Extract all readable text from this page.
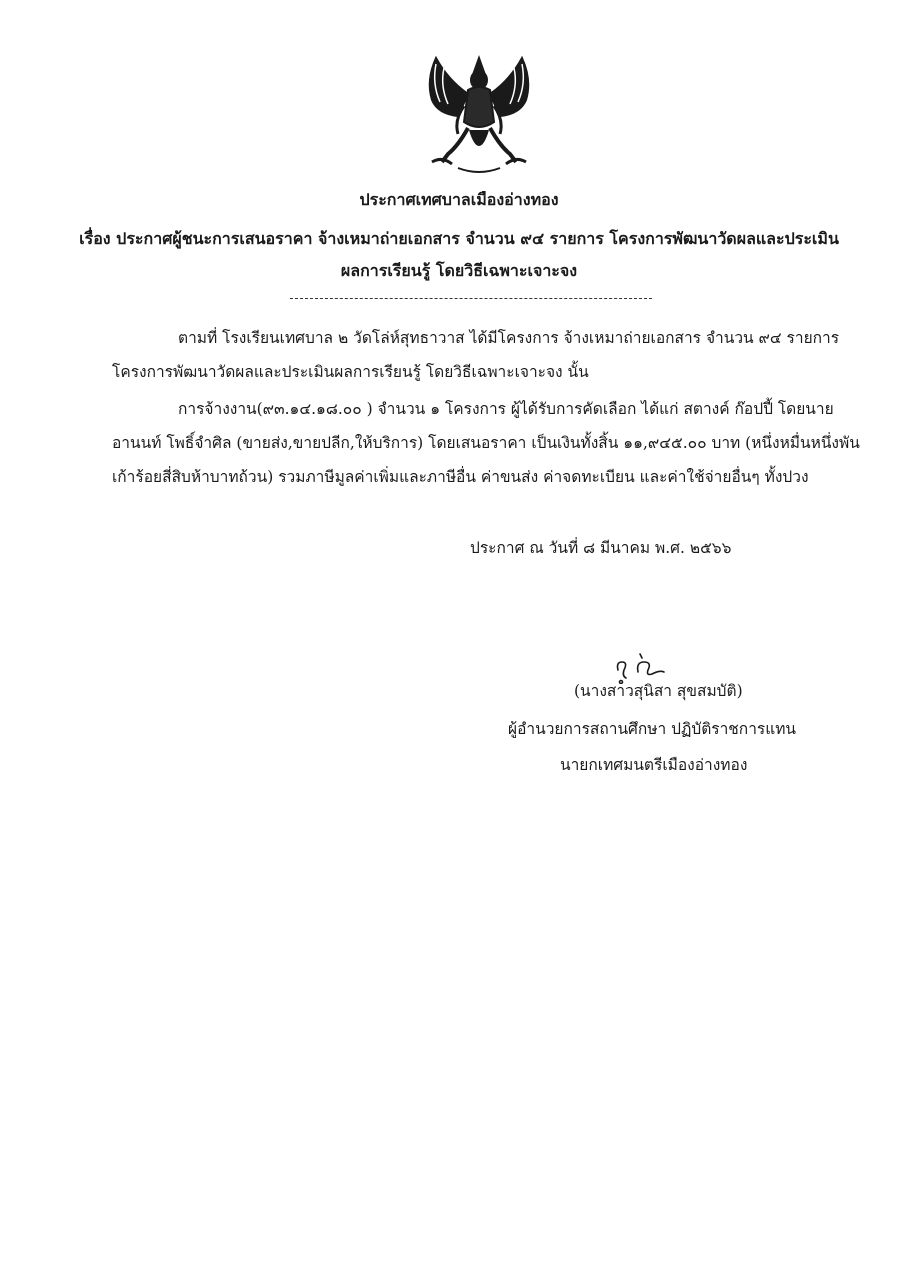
ประกาศเทศบาลเมืองอ่างทอง
เรื่อง ประกาศผู้ชนะการเสนอราคา จ้างเหมาถ่ายเอกสาร จำนวน ๙๔ รายการ โครงการพัฒนาวัดผลและประเมิน
ผลการเรียนรู้ โดยวิธีเฉพาะเจาะจง
ตามที่ โรงเรียนเทศบาล ๒ วัดโล่ห์สุทธาวาส ได้มีโครงการ จ้างเหมาถ่ายเอกสาร จำนวน ๙๔ รายการ
โครงการพัฒนาวัดผลและประเมินผลการเรียนรู้ โดยวิธีเฉพาะเจาะจง นั้น
การจ้างงาน(๙๓.๑๔.๑๘.๐๐ ) จำนวน ๑ โครงการ ผู้ได้รับการคัดเลือก ได้แก่ สตางค์ ก๊อปปี้ โดยนาย
อานนท์ โพธิ์จำศิล (ขายส่ง,ขายปลีก,ให้บริการ) โดยเสนอราคา เป็นเงินทั้งสิ้น ๑๑,๙๔๕.๐๐ บาท (หนึ่งหมื่นหนึ่งพัน
เก้าร้อยสี่สิบห้าบาทถ้วน) รวมภาษีมูลค่าเพิ่มและภาษีอื่น ค่าขนส่ง ค่าจดทะเบียน และค่าใช้จ่ายอื่นๆ ทั้งปวง
ประกาศ ณ วันที่ ๘ มีนาคม พ.ศ. ๒๕๖๖
(นางสาวสุนิสา สุขสมบัติ)
ผู้อำนวยการสถานศึกษา ปฏิบัติราชการแทน
นายกเทศมนตรีเมืองอ่างทอง
